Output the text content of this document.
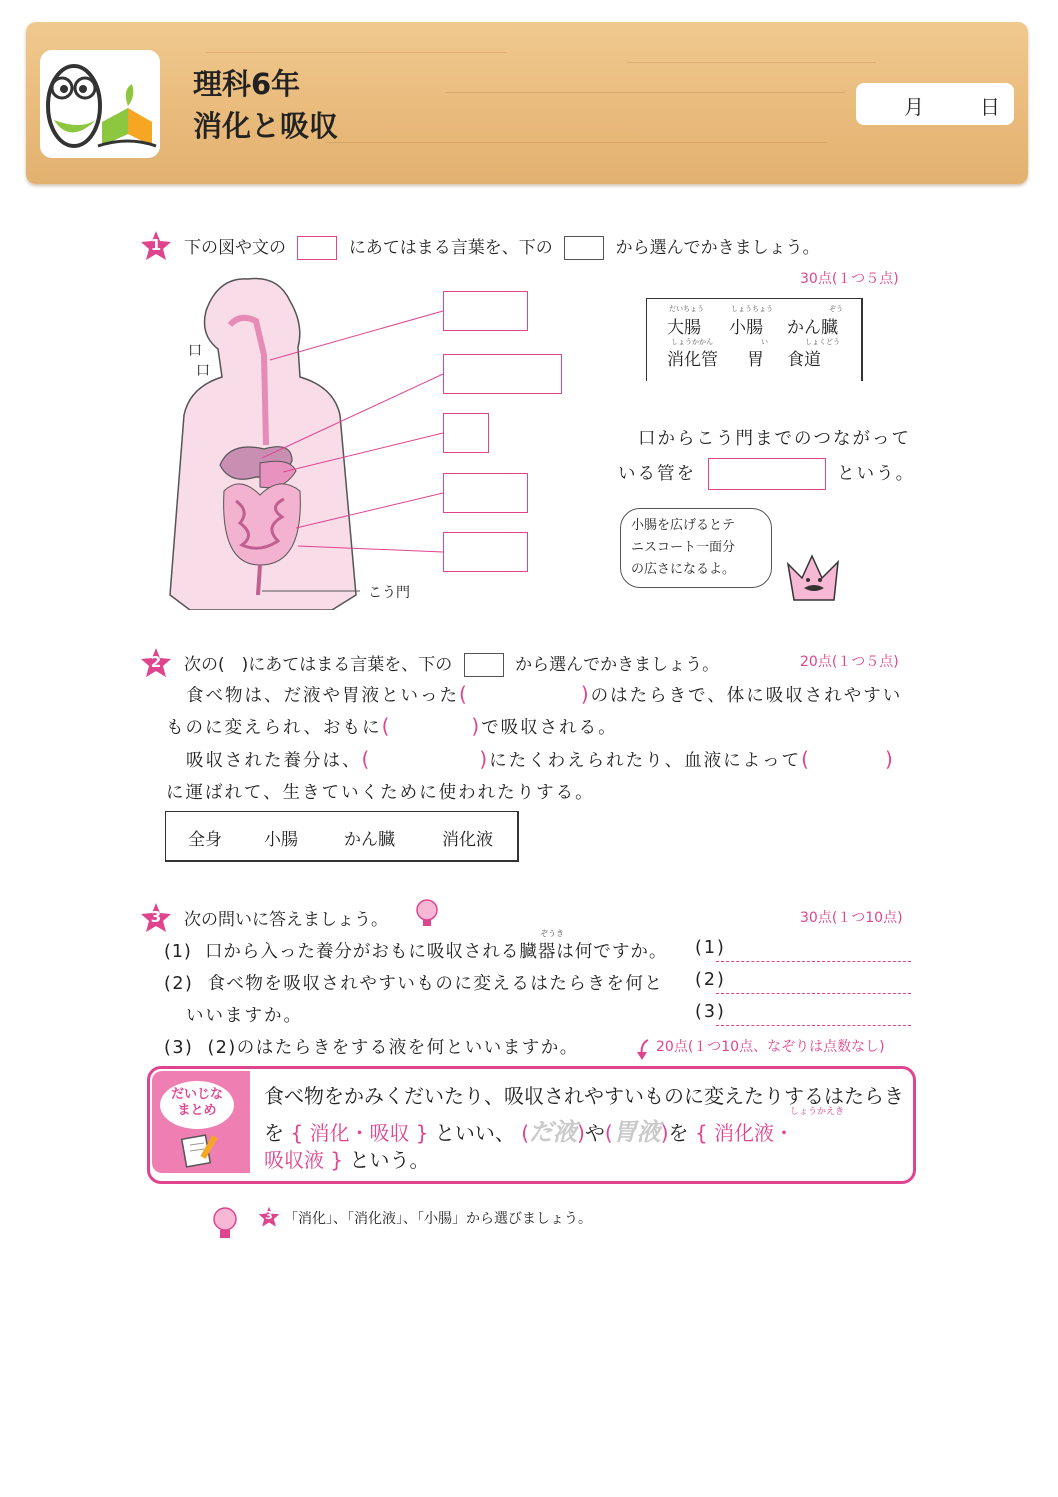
理科6年
消化と吸収
月	日
1	下の図や文の	にあてはまる言葉を、下の	から選んでかきましょう。
30点(１つ５点)
口
口
こう門
だいちょう	しょうちょう	ぞう
大腸 小腸 かん臓
しょうかかん	い	しょくどう
消化管 胃 食道
口からこう門までのつながって
いる管を	という。
小腸を広げるとテ
ニスコート一面分
の広さになるよ。
2	次の(　)にあてはまる言葉を、下の	から選んでかきましょう。	20点(１つ５点)
食べ物は、だ液や胃液といった(	)のはたらきで、体に吸収されやすい
ものに変えられ、おもに(	)で吸収される。
吸収された養分は、(	)にたくわえられたり、血液によって(	)
に運ばれて、生きていくために使われたりする。
全身 小腸	かん臓	消化液
3	次の問いに答えましょう。	30点(１つ10点)
ぞうき
(1) 口から入った養分がおもに吸収される臓器は何ですか。
(2) 食べ物を吸収されやすいものに変えるはたらきを何と
いいますか。
(3) (2)のはたらきをする液を何といいますか。
(1)
(2)
(3)
20点(１つ10点、なぞりは点数なし)
だいじな
まとめ
食べ物をかみくだいたり、吸収されやすいものに変えたりするはたらき
しょうかえき
を { 消化・吸収 } といい、 (だ液)や(胃液)を { 消化液・
吸収液 } という。
3 「消化」、「消化液」、「小腸」から選びましょう。
